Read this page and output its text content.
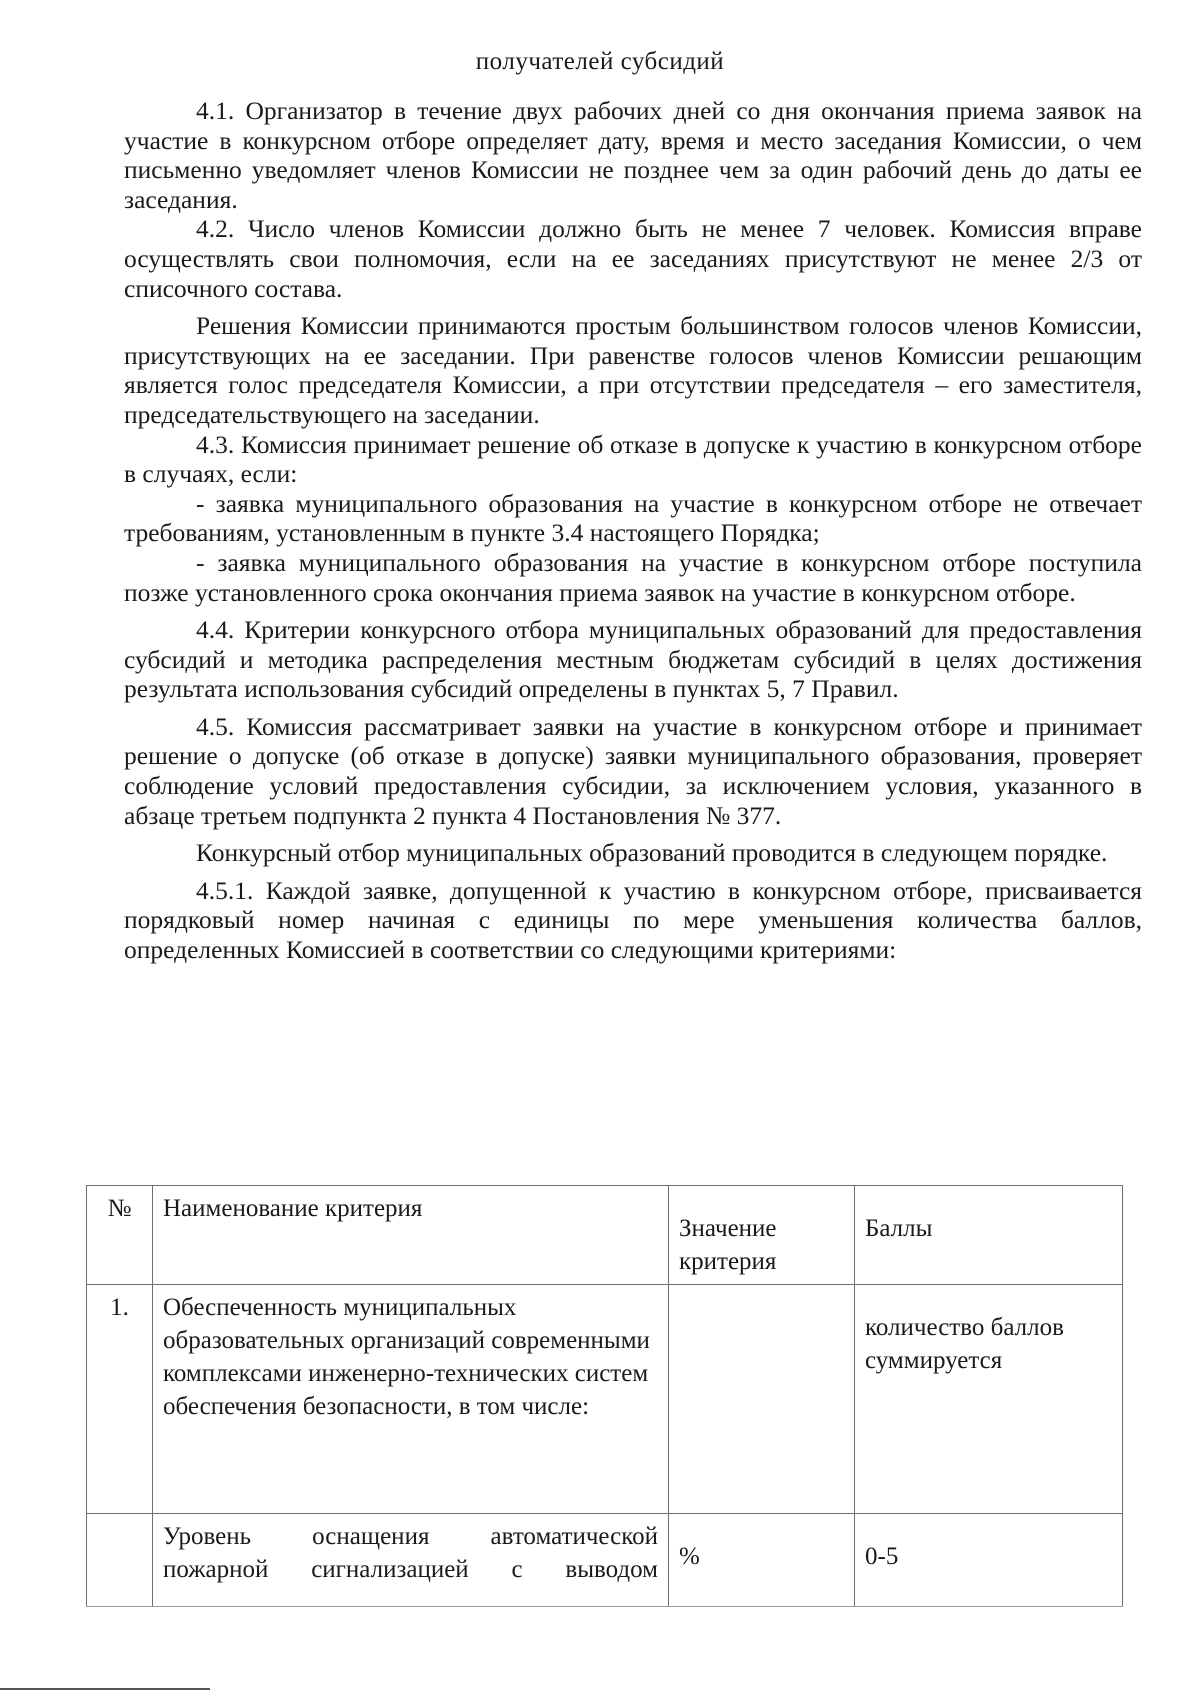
получателей субсидий

4.1. Организатор в течение двух рабочих дней со дня окончания приема заявок на участие в конкурсном отборе определяет дату, время и место заседания Комиссии, о чем письменно уведомляет членов Комиссии не позднее чем за один рабочий день до даты ее заседания.

4.2. Число членов Комиссии должно быть не менее 7 человек. Комиссия вправе осуществлять свои полномочия, если на ее заседаниях присутствуют не менее 2/3 от списочного состава.

Решения Комиссии принимаются простым большинством голосов членов Комиссии, присутствующих на ее заседании. При равенстве голосов членов Комиссии решающим является голос председателя Комиссии, а при отсутствии председателя – его заместителя, председательствующего на заседании.

4.3. Комиссия принимает решение об отказе в допуске к участию в конкурсном отборе в случаях, если:

- заявка муниципального образования на участие в конкурсном отборе не отвечает требованиям, установленным в пункте 3.4 настоящего Порядка;

- заявка муниципального образования на участие в конкурсном отборе поступила позже установленного срока окончания приема заявок на участие в конкурсном отборе.

4.4. Критерии конкурсного отбора муниципальных образований для предоставления субсидий и методика распределения местным бюджетам субсидий в целях достижения результата использования субсидий определены в пунктах 5, 7 Правил.

4.5. Комиссия рассматривает заявки на участие в конкурсном отборе и принимает решение о допуске (об отказе в допуске) заявки муниципального образования, проверяет соблюдение условий предоставления субсидии, за исключением условия, указанного в абзаце третьем подпункта 2 пункта 4 Постановления № 377.

Конкурсный отбор муниципальных образований проводится в следующем порядке.

4.5.1. Каждой заявке, допущенной к участию в конкурсном отборе, присваивается порядковый номер начиная с единицы по мере уменьшения количества баллов, определенных Комиссией в соответствии со следующими критериями:

№	Наименование критерия	Значение критерия	Баллы
1.	Обеспеченность муниципальных образовательных организаций современными комплексами инженерно-технических систем обеспечения безопасности, в том числе:		количество баллов суммируется
	Уровень оснащения автоматической пожарной сигнализацией с выводом	%	0-5
